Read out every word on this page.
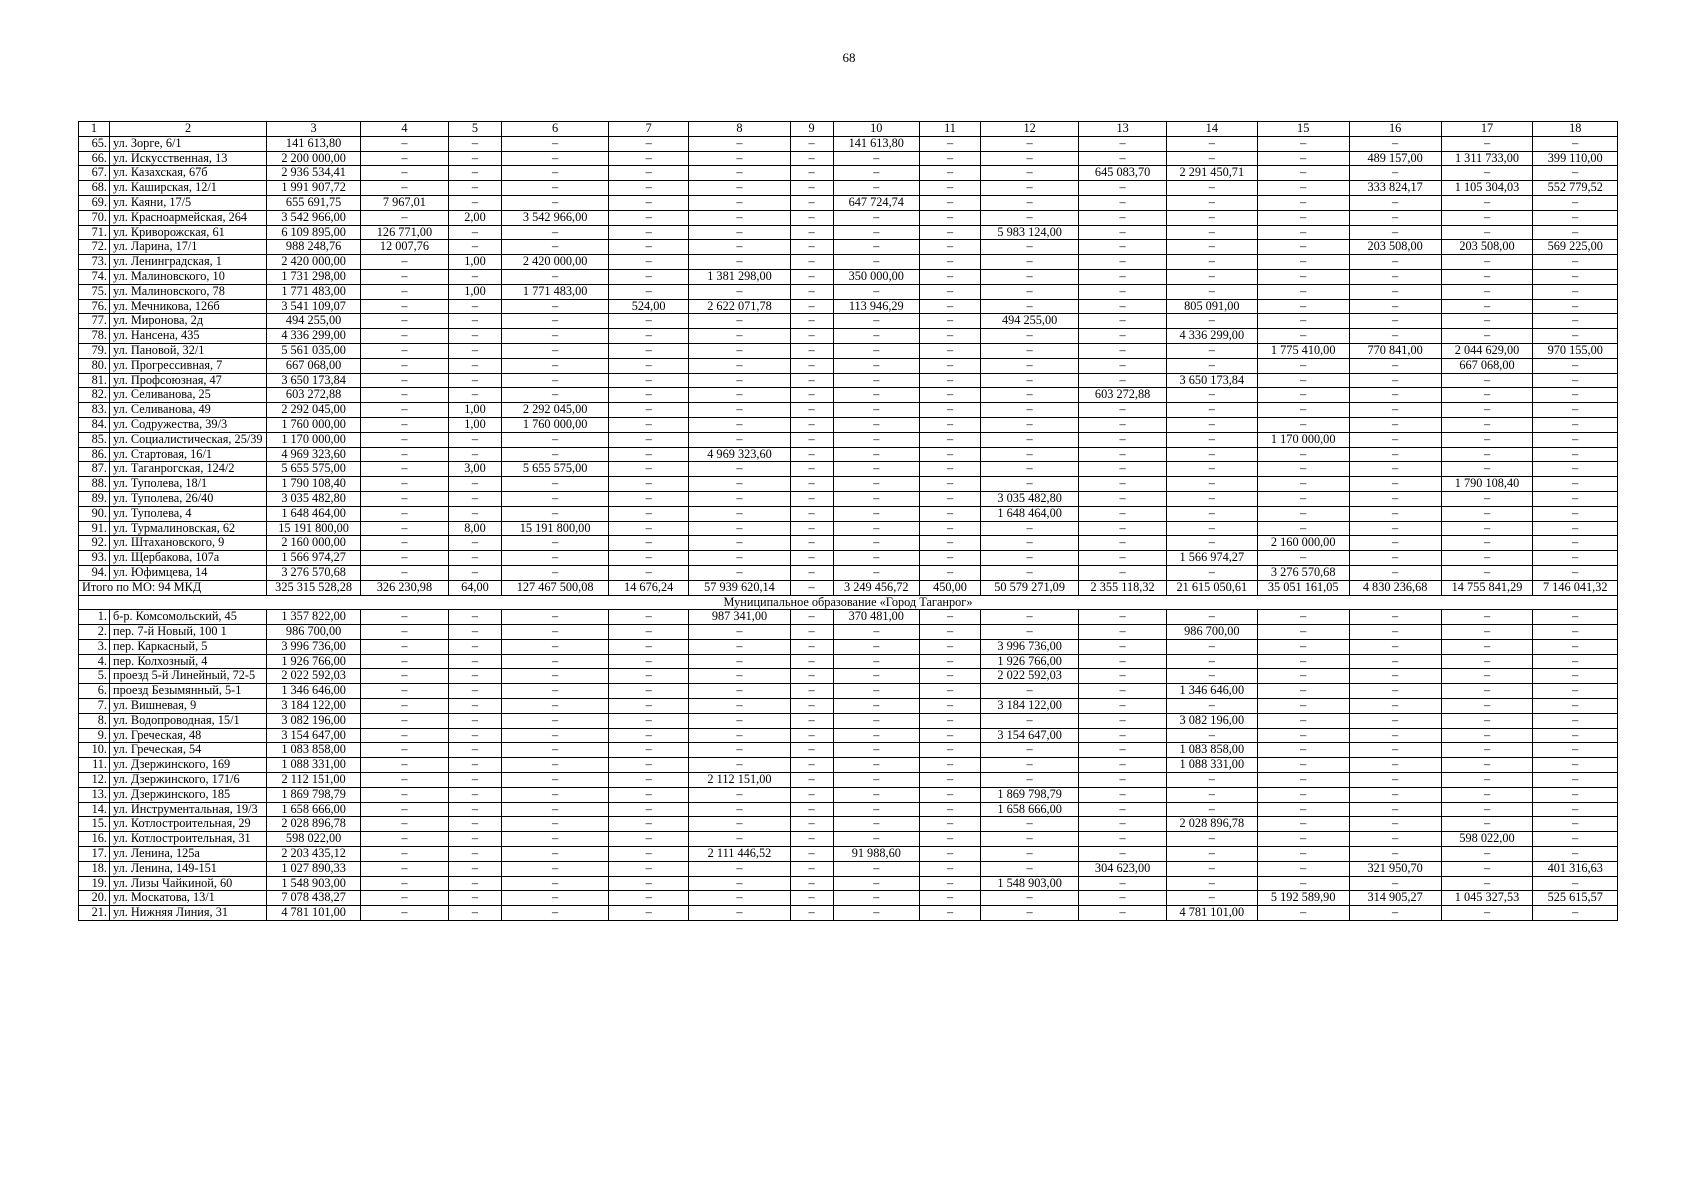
68
1	2	3	4	5	6	7	8	9	10	11	12	13	14	15	16	17	18
65.	ул. Зорге, 6/1	141 613,80	–	–	–	–	–	–	141 613,80	–	–	–	–	–	–	–	–
66.	ул. Искусственная, 13	2 200 000,00	–	–	–	–	–	–	–	–	–	–	–	–	489 157,00	1 311 733,00	399 110,00
67.	ул. Казахская, 67б	2 936 534,41	–	–	–	–	–	–	–	–	–	645 083,70	2 291 450,71	–	–	–	–
68.	ул. Каширская, 12/1	1 991 907,72	–	–	–	–	–	–	–	–	–	–	–	–	333 824,17	1 105 304,03	552 779,52
69.	ул. Каяни, 17/5	655 691,75	7 967,01	–	–	–	–	–	647 724,74	–	–	–	–	–	–	–	–
70.	ул. Красноармейская, 264	3 542 966,00	–	2,00	3 542 966,00	–	–	–	–	–	–	–	–	–	–	–	–
71.	ул. Криворожская, 61	6 109 895,00	126 771,00	–	–	–	–	–	–	–	5 983 124,00	–	–	–	–	–	–
72.	ул. Ларина, 17/1	988 248,76	12 007,76	–	–	–	–	–	–	–	–	–	–	–	203 508,00	203 508,00	569 225,00
73.	ул. Ленинградская, 1	2 420 000,00	–	1,00	2 420 000,00	–	–	–	–	–	–	–	–	–	–	–	–
74.	ул. Малиновского, 10	1 731 298,00	–	–	–	–	1 381 298,00	–	350 000,00	–	–	–	–	–	–	–	–
75.	ул. Малиновского, 78	1 771 483,00	–	1,00	1 771 483,00	–	–	–	–	–	–	–	–	–	–	–	–
76.	ул. Мечникова, 126б	3 541 109,07	–	–	–	524,00	2 622 071,78	–	113 946,29	–	–	–	805 091,00	–	–	–	–
77.	ул. Миронова, 2д	494 255,00	–	–	–	–	–	–	–	–	494 255,00	–	–	–	–	–	–
78.	ул. Нансена, 435	4 336 299,00	–	–	–	–	–	–	–	–	–	–	4 336 299,00	–	–	–	–
79.	ул. Пановой, 32/1	5 561 035,00	–	–	–	–	–	–	–	–	–	–	–	1 775 410,00	770 841,00	2 044 629,00	970 155,00
80.	ул. Прогрессивная, 7	667 068,00	–	–	–	–	–	–	–	–	–	–	–	–	–	667 068,00	–
81.	ул. Профсоюзная, 47	3 650 173,84	–	–	–	–	–	–	–	–	–	–	3 650 173,84	–	–	–	–
82.	ул. Селиванова, 25	603 272,88	–	–	–	–	–	–	–	–	–	603 272,88	–	–	–	–	–
83.	ул. Селиванова, 49	2 292 045,00	–	1,00	2 292 045,00	–	–	–	–	–	–	–	–	–	–	–	–
84.	ул. Содружества, 39/3	1 760 000,00	–	1,00	1 760 000,00	–	–	–	–	–	–	–	–	–	–	–	–
85.	ул. Социалистическая, 25/39	1 170 000,00	–	–	–	–	–	–	–	–	–	–	–	1 170 000,00	–	–	–
86.	ул. Стартовая, 16/1	4 969 323,60	–	–	–	–	4 969 323,60	–	–	–	–	–	–	–	–	–	–
87.	ул. Таганрогская, 124/2	5 655 575,00	–	3,00	5 655 575,00	–	–	–	–	–	–	–	–	–	–	–	–
88.	ул. Туполева, 18/1	1 790 108,40	–	–	–	–	–	–	–	–	–	–	–	–	–	1 790 108,40	–
89.	ул. Туполева, 26/40	3 035 482,80	–	–	–	–	–	–	–	–	3 035 482,80	–	–	–	–	–	–
90.	ул. Туполева, 4	1 648 464,00	–	–	–	–	–	–	–	–	1 648 464,00	–	–	–	–	–	–
91.	ул. Турмалиновская, 62	15 191 800,00	–	8,00	15 191 800,00	–	–	–	–	–	–	–	–	–	–	–	–
92.	ул. Штахановского, 9	2 160 000,00	–	–	–	–	–	–	–	–	–	–	–	2 160 000,00	–	–	–
93.	ул. Щербакова, 107а	1 566 974,27	–	–	–	–	–	–	–	–	–	–	1 566 974,27	–	–	–	–
94.	ул. Юфимцева, 14	3 276 570,68	–	–	–	–	–	–	–	–	–	–	–	3 276 570,68	–	–	–
Итого по МО: 94 МКД		325 315 528,28	326 230,98	64,00	127 467 500,08	14 676,24	57 939 620,14	–	3 249 456,72	450,00	50 579 271,09	2 355 118,32	21 615 050,61	35 051 161,05	4 830 236,68	14 755 841,29	7 146 041,32
Муниципальное образование «Город Таганрог»																	
1.	б-р. Комсомольский, 45	1 357 822,00	–	–	–	–	987 341,00	–	370 481,00	–	–	–	–	–	–	–	–
2.	пер. 7-й Новый, 100 1	986 700,00	–	–	–	–	–	–	–	–	–	–	986 700,00	–	–	–	–
3.	пер. Каркасный, 5	3 996 736,00	–	–	–	–	–	–	–	–	3 996 736,00	–	–	–	–	–	–
4.	пер. Колхозный, 4	1 926 766,00	–	–	–	–	–	–	–	–	1 926 766,00	–	–	–	–	–	–
5.	проезд 5-й Линейный, 72-5	2 022 592,03	–	–	–	–	–	–	–	–	2 022 592,03	–	–	–	–	–	–
6.	проезд Безымянный, 5-1	1 346 646,00	–	–	–	–	–	–	–	–	–	–	1 346 646,00	–	–	–	–
7.	ул. Вишневая, 9	3 184 122,00	–	–	–	–	–	–	–	–	3 184 122,00	–	–	–	–	–	–
8.	ул. Водопроводная, 15/1	3 082 196,00	–	–	–	–	–	–	–	–	–	–	3 082 196,00	–	–	–	–
9.	ул. Греческая, 48	3 154 647,00	–	–	–	–	–	–	–	–	3 154 647,00	–	–	–	–	–	–
10.	ул. Греческая, 54	1 083 858,00	–	–	–	–	–	–	–	–	–	–	1 083 858,00	–	–	–	–
11.	ул. Дзержинского, 169	1 088 331,00	–	–	–	–	–	–	–	–	–	–	1 088 331,00	–	–	–	–
12.	ул. Дзержинского, 171/6	2 112 151,00	–	–	–	–	2 112 151,00	–	–	–	–	–	–	–	–	–	–
13.	ул. Дзержинского, 185	1 869 798,79	–	–	–	–	–	–	–	–	1 869 798,79	–	–	–	–	–	–
14.	ул. Инструментальная, 19/3	1 658 666,00	–	–	–	–	–	–	–	–	1 658 666,00	–	–	–	–	–	–
15.	ул. Котлостроительная, 29	2 028 896,78	–	–	–	–	–	–	–	–	–	–	2 028 896,78	–	–	–	–
16.	ул. Котлостроительная, 31	598 022,00	–	–	–	–	–	–	–	–	–	–	–	–	–	598 022,00	–
17.	ул. Ленина, 125а	2 203 435,12	–	–	–	–	2 111 446,52	–	91 988,60	–	–	–	–	–	–	–	–
18.	ул. Ленина, 149-151	1 027 890,33	–	–	–	–	–	–	–	–	–	304 623,00	–	–	321 950,70	–	401 316,63
19.	ул. Лизы Чайкиной, 60	1 548 903,00	–	–	–	–	–	–	–	–	1 548 903,00	–	–	–	–	–	–
20.	ул. Москатова, 13/1	7 078 438,27	–	–	–	–	–	–	–	–	–	–	–	5 192 589,90	314 905,27	1 045 327,53	525 615,57
21.	ул. Нижняя Линия, 31	4 781 101,00	–	–	–	–	–	–	–	–	–	–	4 781 101,00	–	–	–	–
